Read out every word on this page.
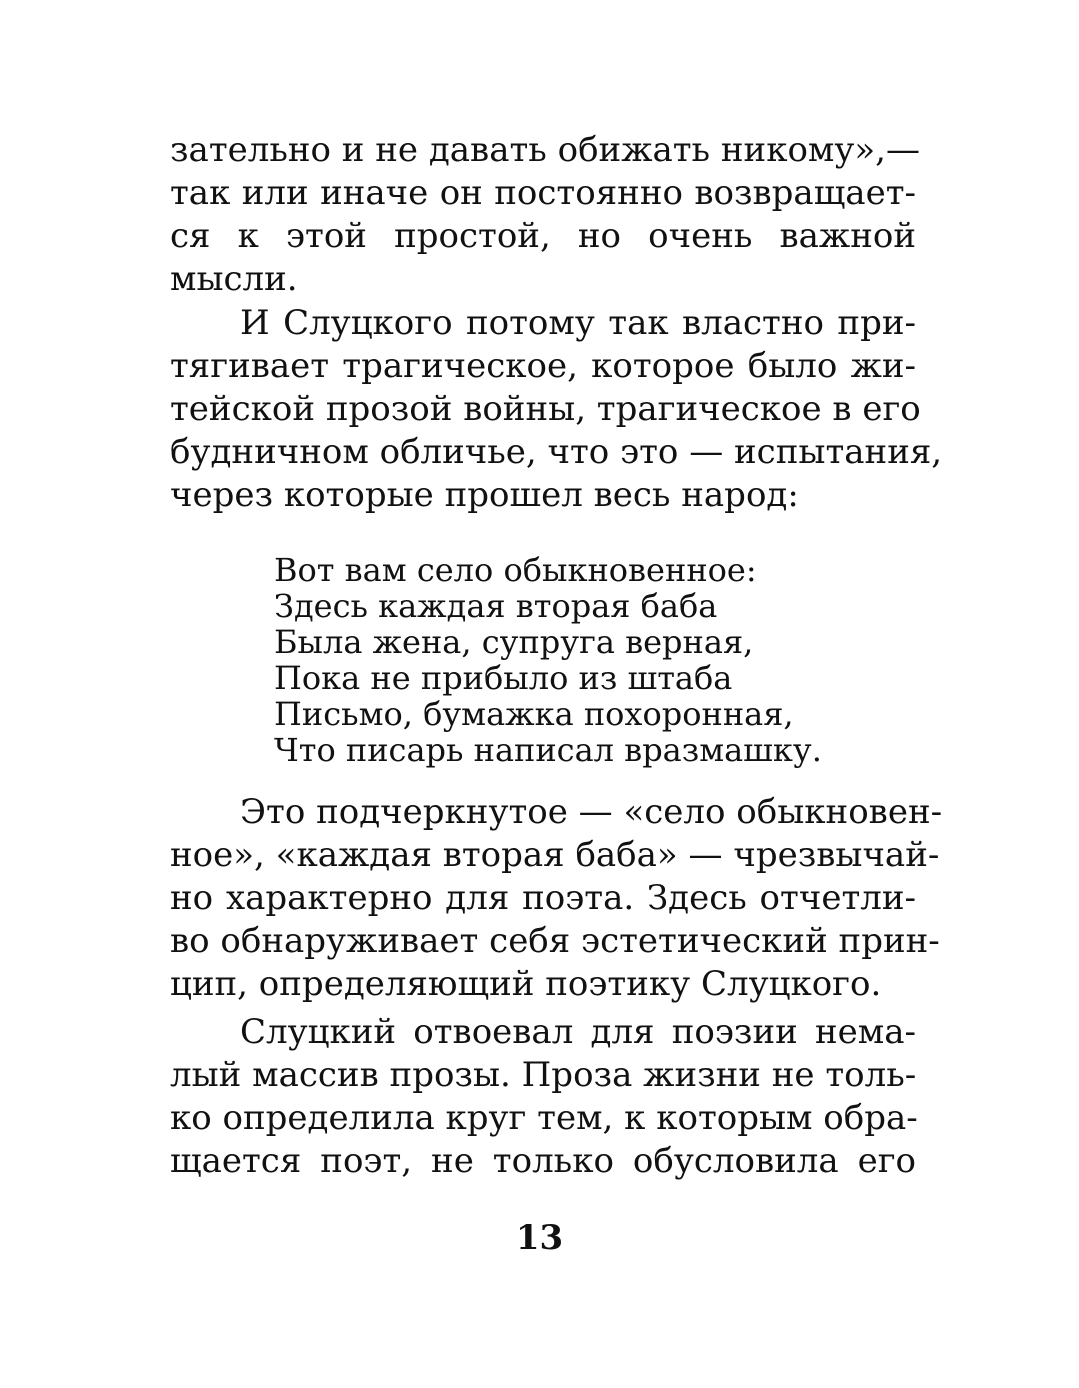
зательно и не давать обижать никому»,—
так или иначе он постоянно возвращает-
ся к этой простой, но очень важной
мысли.
И Слуцкого потому так властно при-
тягивает трагическое, которое было жи-
тейской прозой войны, трагическое в его
будничном обличье, что это — испытания,
через которые прошел весь народ:
Вот вам село обыкновенное:
Здесь каждая вторая баба
Была жена, супруга верная,
Пока не прибыло из штаба
Письмо, бумажка похоронная,
Что писарь написал вразмашку.
Это подчеркнутое — «село обыкновен-
ное», «каждая вторая баба» — чрезвычай-
но характерно для поэта. Здесь отчетли-
во обнаруживает себя эстетический прин-
цип, определяющий поэтику Слуцкого.
Слуцкий отвоевал для поэзии нема-
лый массив прозы. Проза жизни не толь-
ко определила круг тем, к которым обра-
щается поэт, не только обусловила его
13
